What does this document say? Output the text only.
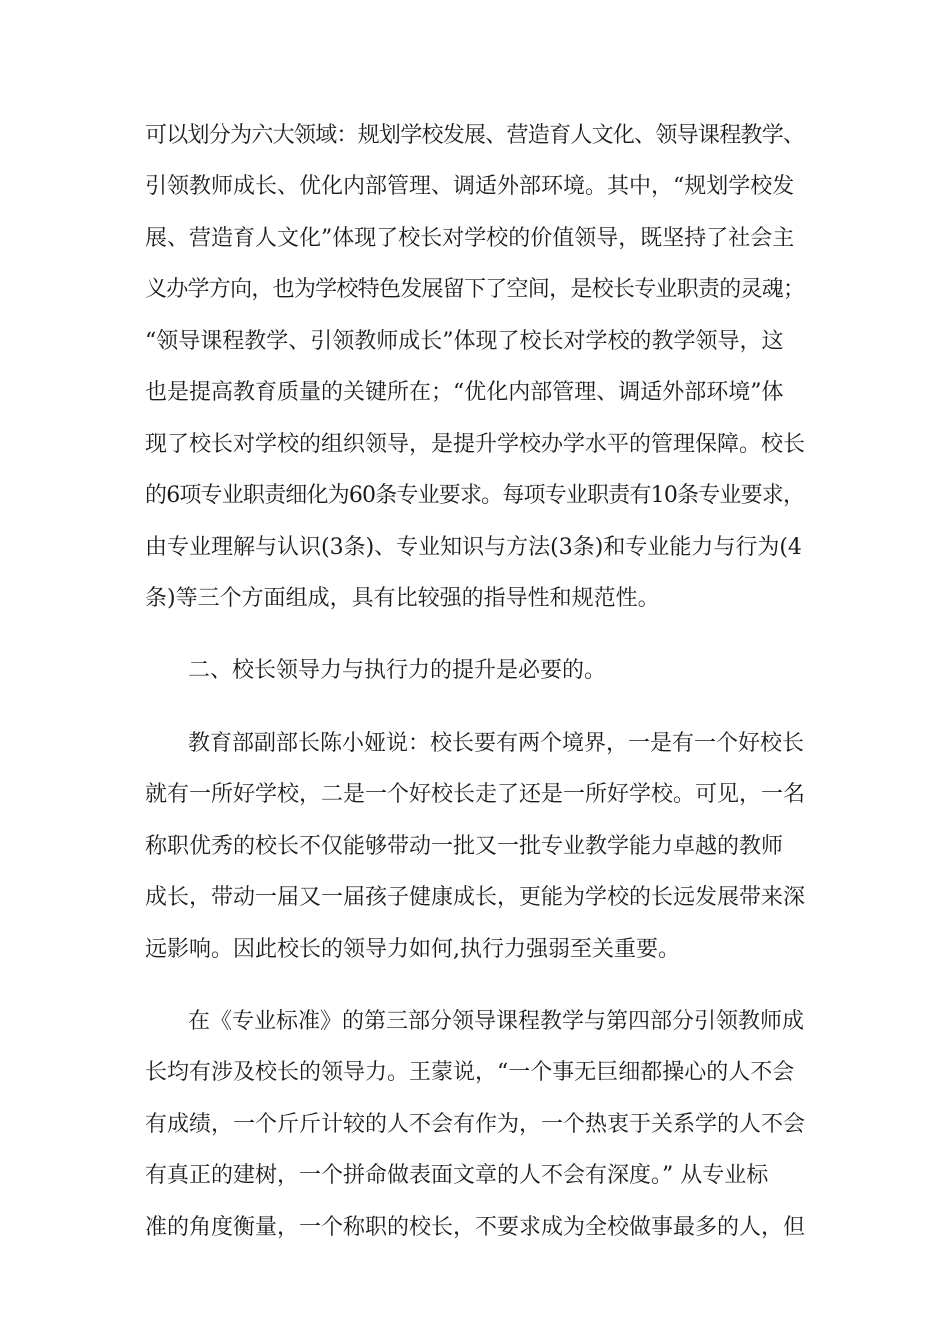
可以划分为六大领域：规划学校发展、营造育人文化、领导课程教学、
引领教师成长、优化内部管理、调适外部环境。其中，“规划学校发
展、营造育人文化”体现了校长对学校的价值领导，既坚持了社会主
义办学方向，也为学校特色发展留下了空间，是校长专业职责的灵魂；
“领导课程教学、引领教师成长”体现了校长对学校的教学领导，这
也是提高教育质量的关键所在；“优化内部管理、调适外部环境”体
现了校长对学校的组织领导，是提升学校办学水平的管理保障。校长
的6项专业职责细化为60条专业要求。每项专业职责有10条专业要求，
由专业理解与认识(3条)、专业知识与方法(3条)和专业能力与行为(4
条)等三个方面组成，具有比较强的指导性和规范性。
二、校长领导力与执行力的提升是必要的。
教育部副部长陈小娅说：校长要有两个境界，一是有一个好校长
就有一所好学校，二是一个好校长走了还是一所好学校。可见，一名
称职优秀的校长不仅能够带动一批又一批专业教学能力卓越的教师
成长，带动一届又一届孩子健康成长，更能为学校的长远发展带来深
远影响。因此校长的领导力如何,执行力强弱至关重要。
在《专业标准》的第三部分领导课程教学与第四部分引领教师成
长均有涉及校长的领导力。王蒙说，“一个事无巨细都操心的人不会
有成绩，一个斤斤计较的人不会有作为，一个热衷于关系学的人不会
有真正的建树，一个拼命做表面文章的人不会有深度。” 从专业标
准的角度衡量，一个称职的校长，不要求成为全校做事最多的人，但
